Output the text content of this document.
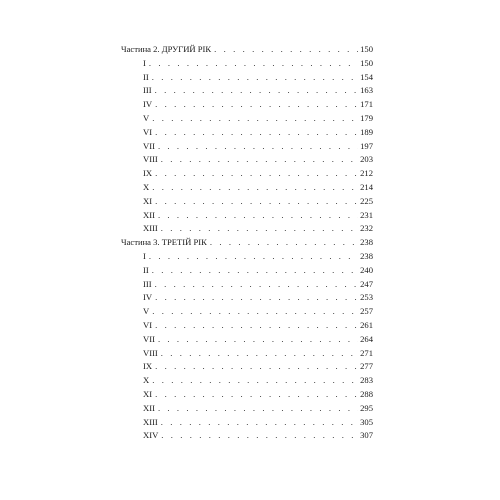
Частина 2. ДРУГИЙ РІК . . .	150
I . . .	150
II . . .	154
III . . .	163
IV . . .	171
V . . .	179
VI . . .	189
VII . . .	197
VIII . . .	203
IX . . .	212
X . . .	214
XI . . .	225
XII . . .	231
XIII . . .	232
Частина 3. ТРЕТІЙ РІК . . .	238
I . . .	238
II . . .	240
III . . .	247
IV . . .	253
V . . .	257
VI . . .	261
VII . . .	264
VIII . . .	271
IX . . .	277
X . . .	283
XI . . .	288
XII . . .	295
XIII . . .	305
XIV . . .	307
